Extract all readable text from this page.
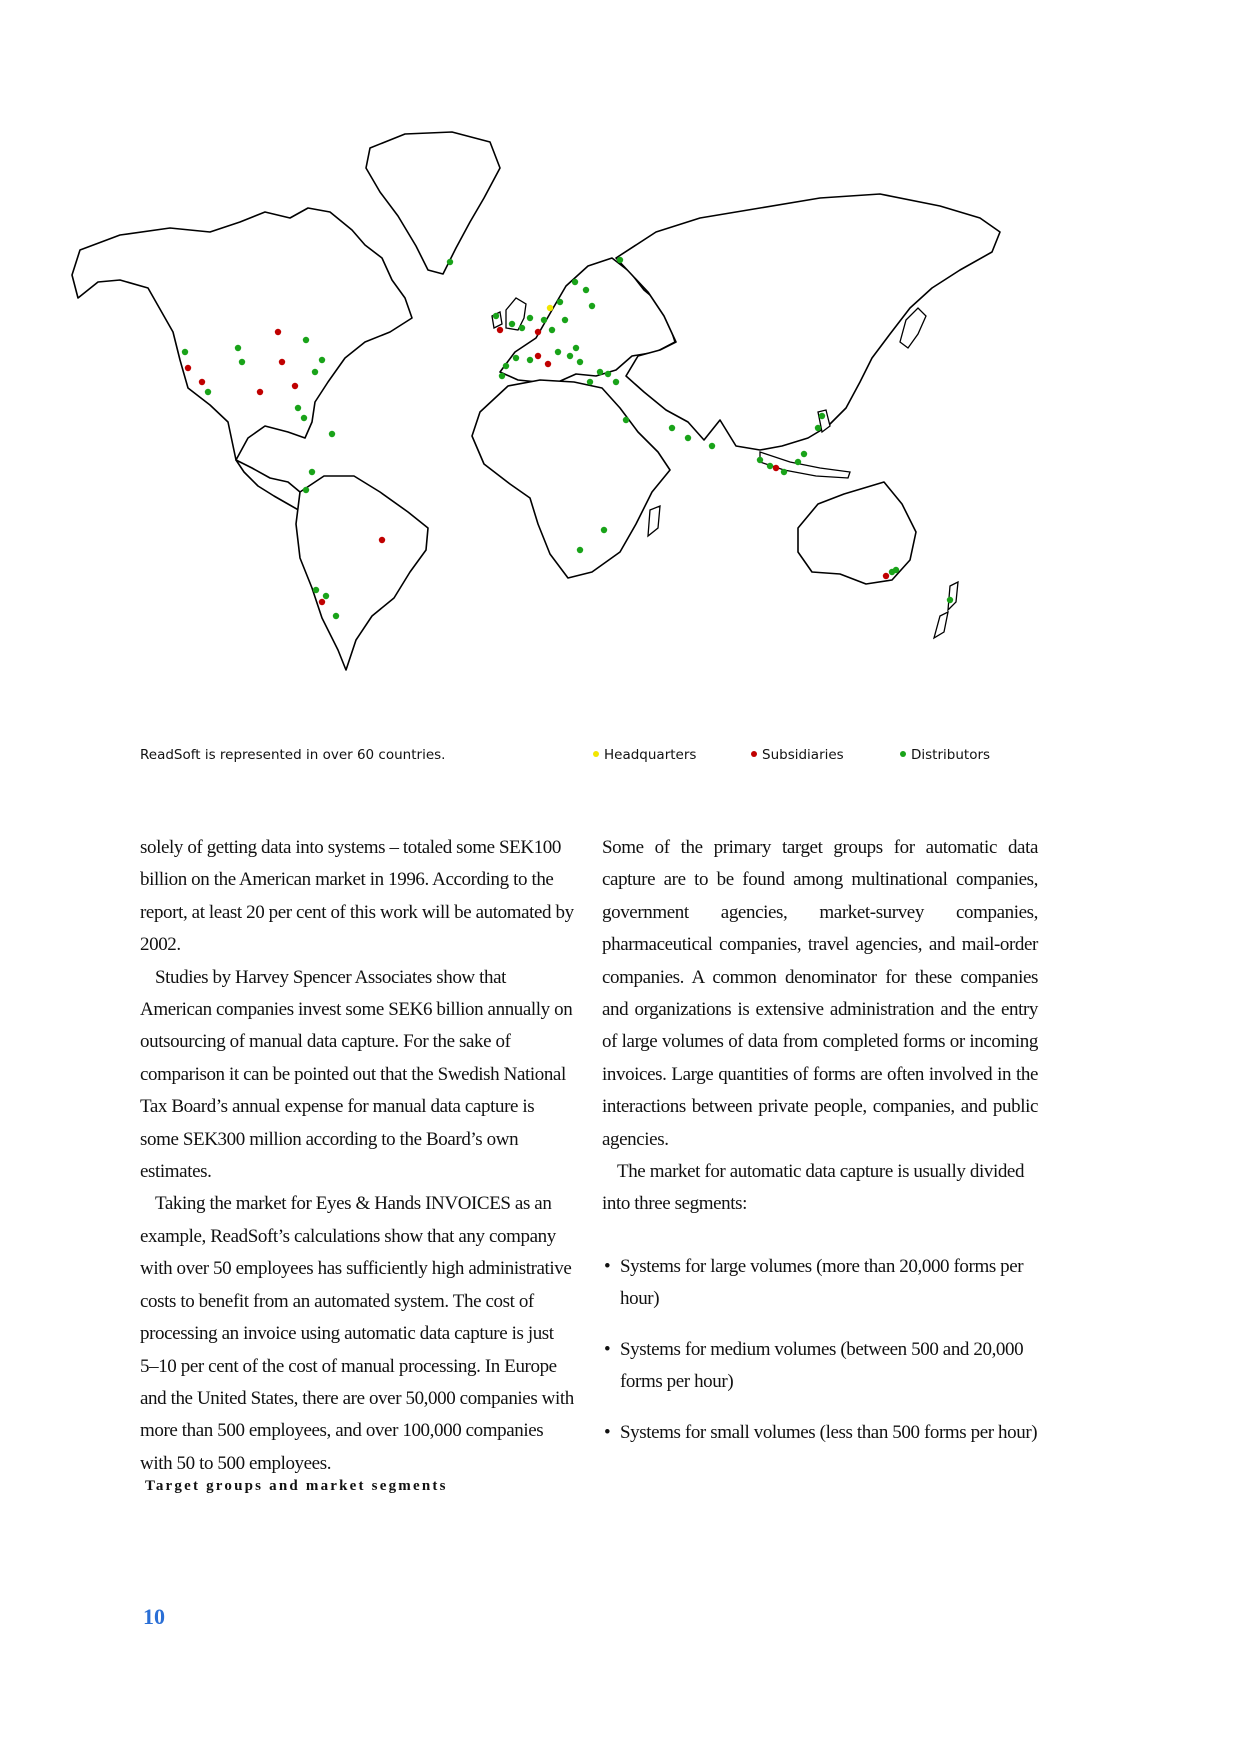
ReadSoft is represented in over 60 countries.	Headquarters	Subsidiaries	Distributors

solely of getting data into systems – totaled some SEK100 billion on the American market in 1996. According to the report, at least 20 per cent of this work will be automated by 2002.

Studies by Harvey Spencer Associates show that American companies invest some SEK6 billion annually on outsourcing of manual data capture. For the sake of comparison it can be pointed out that the Swedish National Tax Board’s annual expense for manual data capture is some SEK300 million according to the Board’s own estimates.

Taking the market for Eyes & Hands INVOICES as an example, ReadSoft’s calculations show that any company with over 50 employees has sufficiently high administrative costs to benefit from an automated system. The cost of processing an invoice using automatic data capture is just 5–10 per cent of the cost of manual processing. In Europe and the United States, there are over 50,000 companies with more than 500 employees, and over 100,000 companies with 50 to 500 employees.

Target groups and market segments

Some of the primary target groups for automatic data capture are to be found among multinational companies, government agencies, market-survey companies, pharmaceutical companies, travel agencies, and mail-order companies. A common denominator for these companies and organizations is extensive administration and the entry of large volumes of data from completed forms or incoming invoices. Large quantities of forms are often involved in the interactions between private people, companies, and public agencies.

The market for automatic data capture is usually divided into three segments:

• Systems for large volumes (more than 20,000 forms per hour)
• Systems for medium volumes (between 500 and 20,000 forms per hour)
• Systems for small volumes (less than 500 forms per hour)
10
